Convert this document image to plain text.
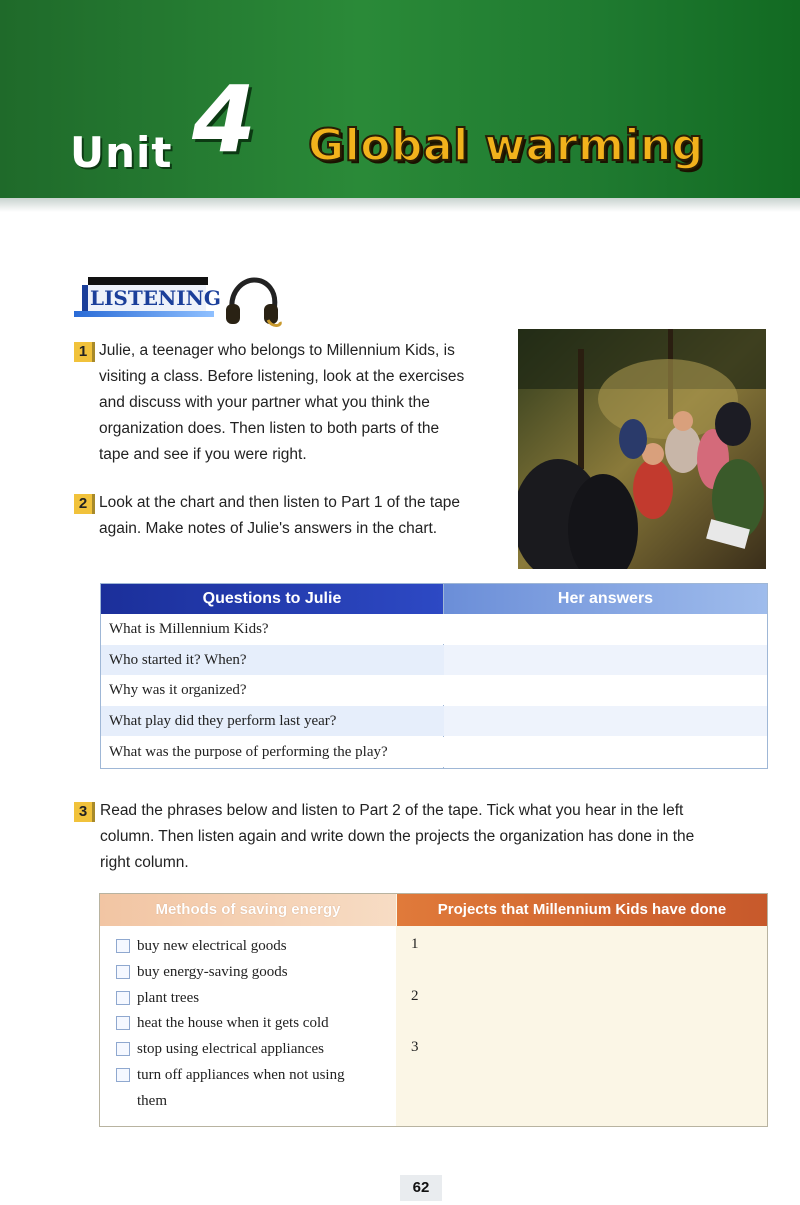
Unit 4 Global warming
LISTENING
1 Julie, a teenager who belongs to Millennium Kids, is
visiting a class. Before listening, look at the exercises
and discuss with your partner what you think the
organization does. Then listen to both parts of the
tape and see if you were right.
2 Look at the chart and then listen to Part 1 of the tape
again. Make notes of Julie's answers in the chart.
Questions to Julie	Her answers
What is Millennium Kids?
Who started it? When?
Why was it organized?
What play did they perform last year?
What was the purpose of performing the play?
3 Read the phrases below and listen to Part 2 of the tape. Tick what you hear in the left
column. Then listen again and write down the projects the organization has done in the
right column.
Methods of saving energy	Projects that Millennium Kids have done
buy new electrical goods
buy energy-saving goods
plant trees
heat the house when it gets cold
stop using electrical appliances
turn off appliances when not using
them
1
2
3
62
